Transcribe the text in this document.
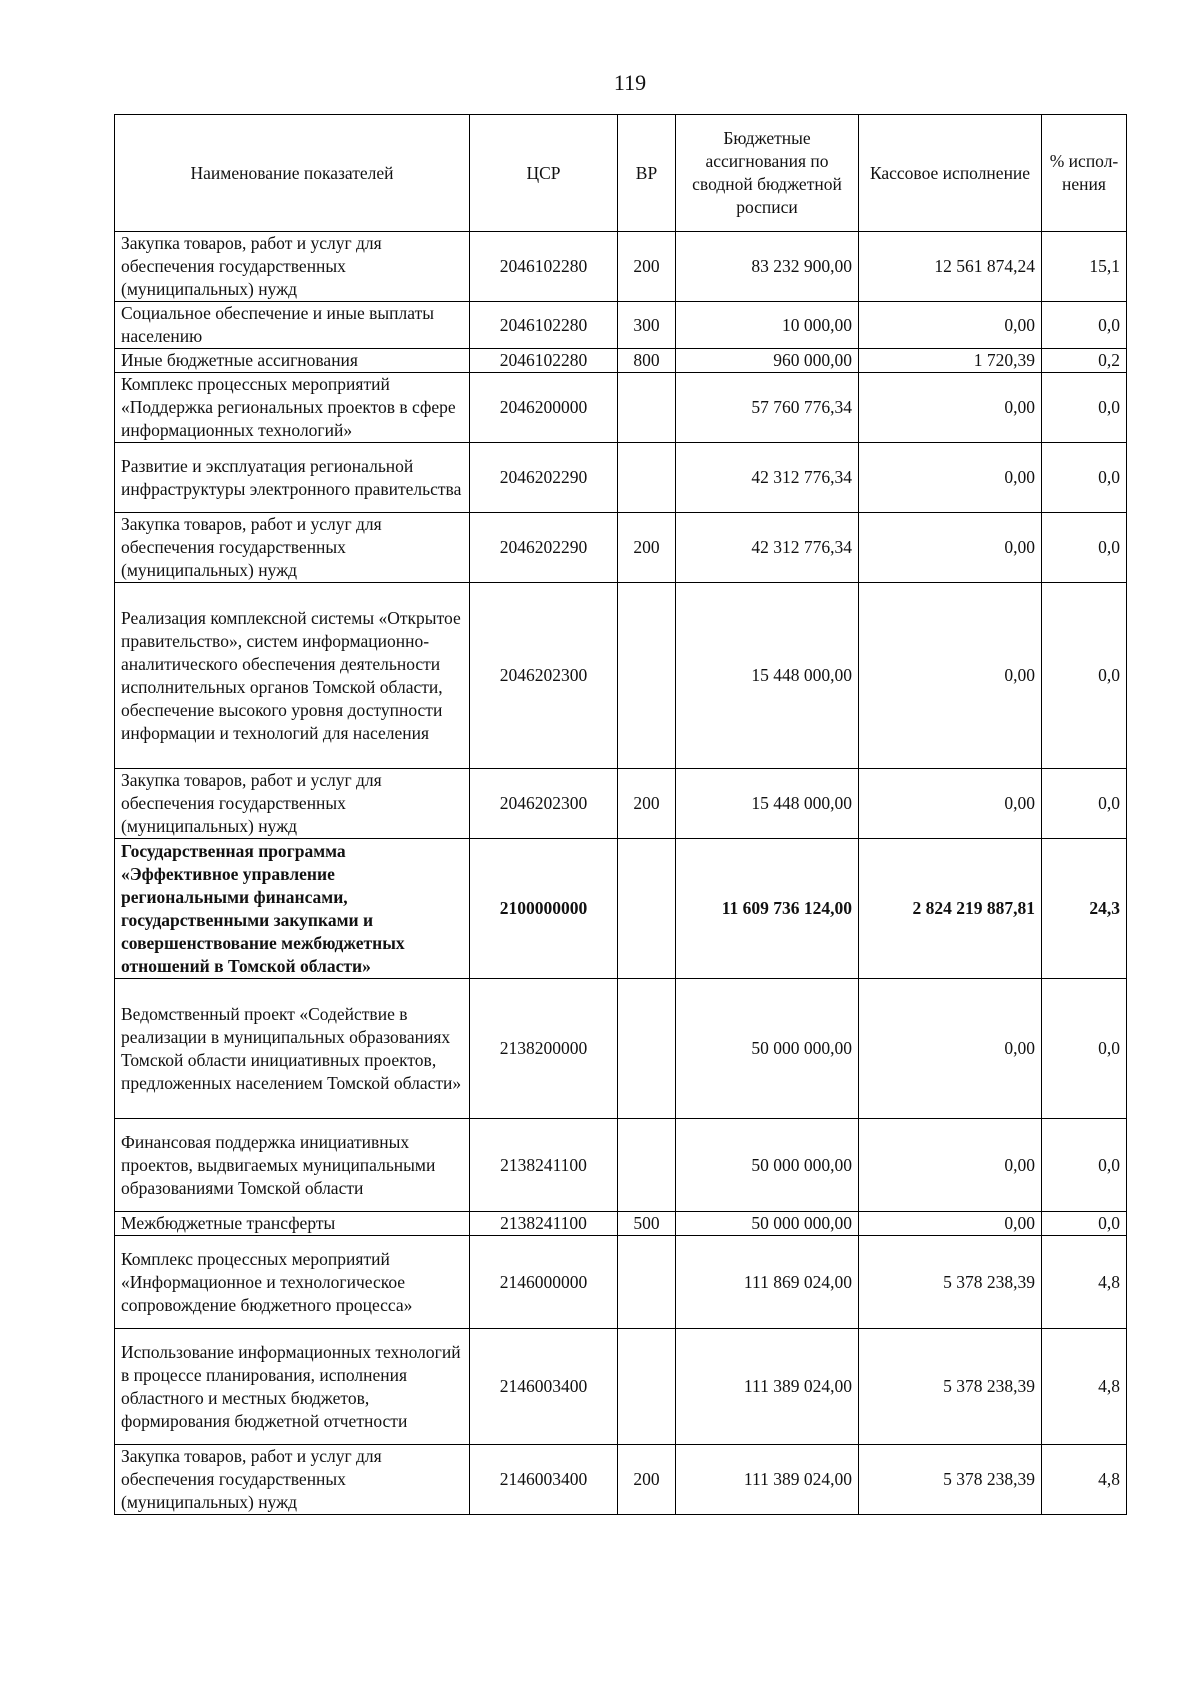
119
Наименование показателей	ЦСР	ВР	Бюджетные ассигнования по сводной бюджетной росписи	Кассовое исполнение	% испол- нения
Закупка товаров, работ и услуг для обеспечения государственных (муниципальных) нужд	2046102280	200	83 232 900,00	12 561 874,24	15,1
Социальное обеспечение и иные выплаты населению	2046102280	300	10 000,00	0,00	0,0
Иные бюджетные ассигнования	2046102280	800	960 000,00	1 720,39	0,2
Комплекс процессных мероприятий «Поддержка региональных проектов в сфере информационных технологий»	2046200000		57 760 776,34	0,00	0,0
Развитие и эксплуатация региональной инфраструктуры электронного правительства	2046202290		42 312 776,34	0,00	0,0
Закупка товаров, работ и услуг для обеспечения государственных (муниципальных) нужд	2046202290	200	42 312 776,34	0,00	0,0
Реализация комплексной системы «Открытое правительство», систем информационно-аналитического обеспечения деятельности исполнительных органов Томской области, обеспечение высокого уровня доступности информации и технологий для населения	2046202300		15 448 000,00	0,00	0,0
Закупка товаров, работ и услуг для обеспечения государственных (муниципальных) нужд	2046202300	200	15 448 000,00	0,00	0,0
Государственная программа «Эффективное управление региональными финансами, государственными закупками и совершенствование межбюджетных отношений в Томской области»	2100000000		11 609 736 124,00	2 824 219 887,81	24,3
Ведомственный проект «Содействие в реализации в муниципальных образованиях Томской области инициативных проектов, предложенных населением Томской области»	2138200000		50 000 000,00	0,00	0,0
Финансовая поддержка инициативных проектов, выдвигаемых муниципальными образованиями Томской области	2138241100		50 000 000,00	0,00	0,0
Межбюджетные трансферты	2138241100	500	50 000 000,00	0,00	0,0
Комплекс процессных мероприятий «Информационное и технологическое сопровождение бюджетного процесса»	2146000000		111 869 024,00	5 378 238,39	4,8
Использование информационных технологий в процессе планирования, исполнения областного и местных бюджетов, формирования бюджетной отчетности	2146003400		111 389 024,00	5 378 238,39	4,8
Закупка товаров, работ и услуг для обеспечения государственных (муниципальных) нужд	2146003400	200	111 389 024,00	5 378 238,39	4,8
